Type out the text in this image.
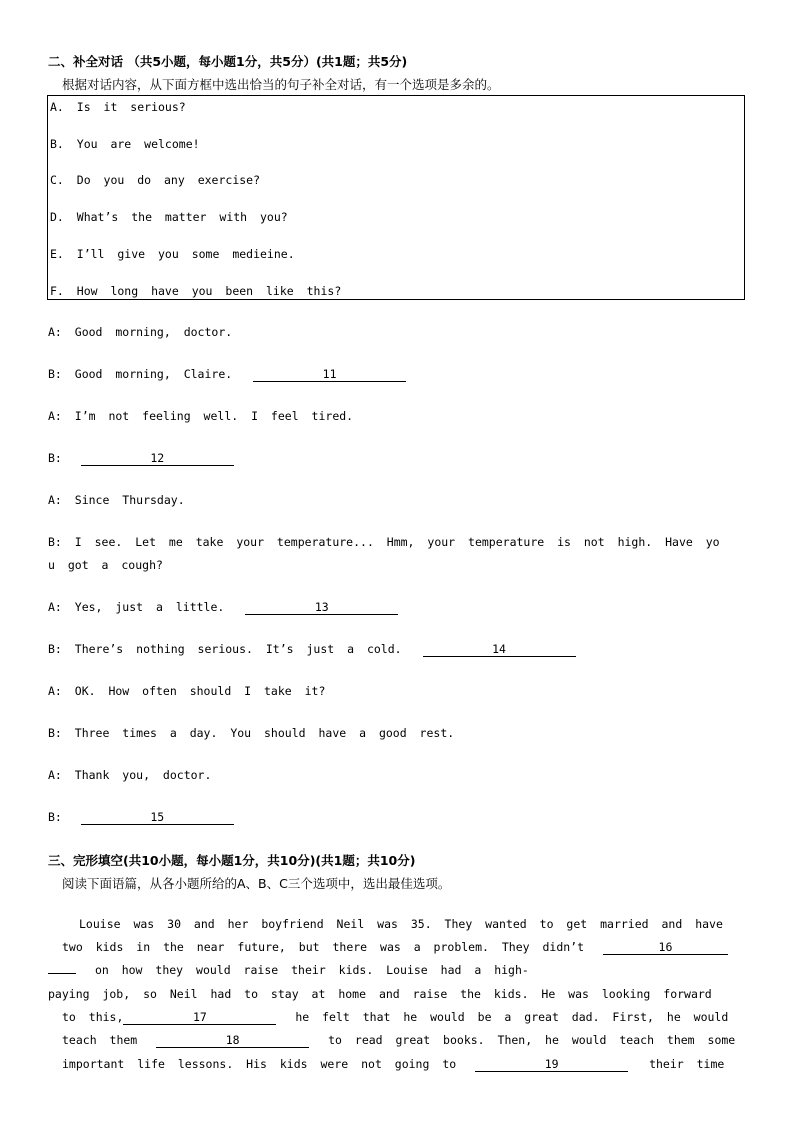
二、补全对话 （共5小题，每小题1分，共5分）(共1题；共5分)
根据对话内容，从下面方框中选出恰当的句子补全对话，有一个选项是多余的。
A. Is it serious?
B. You are welcome!
C. Do you do any exercise?
D. What’s the matter with you?
E. I’ll give you some medieine.
F. How long have you been like this?
A: Good morning, doctor.
B: Good morning, Claire.	11
A: I’m not feeling well. I feel tired.
B:	12
A: Since Thursday.
B: I see. Let me take your temperature... Hmm, your temperature is not high. Have yo
u got a cough?
A: Yes, just a little.	13
B: There’s nothing serious. It’s just a cold.	14
A: OK. How often should I take it?
B: Three times a day. You should have a good rest.
A: Thank you, doctor.
B:	15
三、完形填空(共10小题，每小题1分，共10分)(共1题；共10分)
阅读下面语篇，从各小题所给的A、B、C三个选项中，选出最佳选项。
Louise was 30 and her boyfriend Neil was 35. They wanted to get married and have
two kids in the near future, but there was a problem. They didn’t	16
on how they would raise their kids. Louise had a high-
paying job, so Neil had to stay at home and raise the kids. He was looking forward
to this,	17	he felt that he would be a great dad. First, he would
teach them	18	to read great books. Then, he would teach them some
important life lessons. His kids were not going to	19	their time
